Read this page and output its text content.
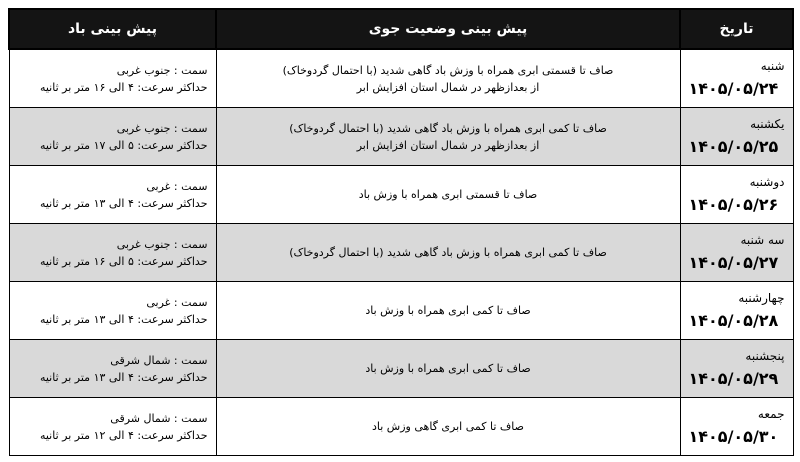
تاریخ	پیش بینی وضعیت جوی	پیش بینی باد

شنبه
۱۴۰۵/۰۵/۲۴	صاف تا قسمتی ابری همراه با وزش باد گاهی شدید (با احتمال گردوخاک)
از بعدازظهر در شمال استان افزایش ابر	سمت : جنوب غربی
حداکثر سرعت: ۴ الی ۱۶ متر بر ثانیه

یکشنبه
۱۴۰۵/۰۵/۲۵	صاف تا کمی ابری همراه با وزش باد گاهی شدید (با احتمال گردوخاک)
از بعدازظهر در شمال استان افزایش ابر	سمت : جنوب غربی
حداکثر سرعت: ۵ الی ۱۷ متر بر ثانیه

دوشنبه
۱۴۰۵/۰۵/۲۶	صاف تا قسمتی ابری همراه با وزش باد	سمت : غربی
حداکثر سرعت: ۴ الی ۱۳ متر بر ثانیه

سه شنبه
۱۴۰۵/۰۵/۲۷	صاف تا کمی ابری همراه با وزش باد گاهی شدید (با احتمال گردوخاک)	سمت : جنوب غربی
حداکثر سرعت: ۵ الی ۱۶ متر بر ثانیه

چهارشنبه
۱۴۰۵/۰۵/۲۸	صاف تا کمی ابری همراه با وزش باد	سمت : غربی
حداکثر سرعت: ۴ الی ۱۳ متر بر ثانیه

پنجشنبه
۱۴۰۵/۰۵/۲۹	صاف تا کمی ابری همراه با وزش باد	سمت : شمال شرقی
حداکثر سرعت: ۴ الی ۱۳ متر بر ثانیه

جمعه
۱۴۰۵/۰۵/۳۰	صاف تا کمی ابری گاهی وزش باد	سمت : شمال شرقی
حداکثر سرعت: ۴ الی ۱۲ متر بر ثانیه
